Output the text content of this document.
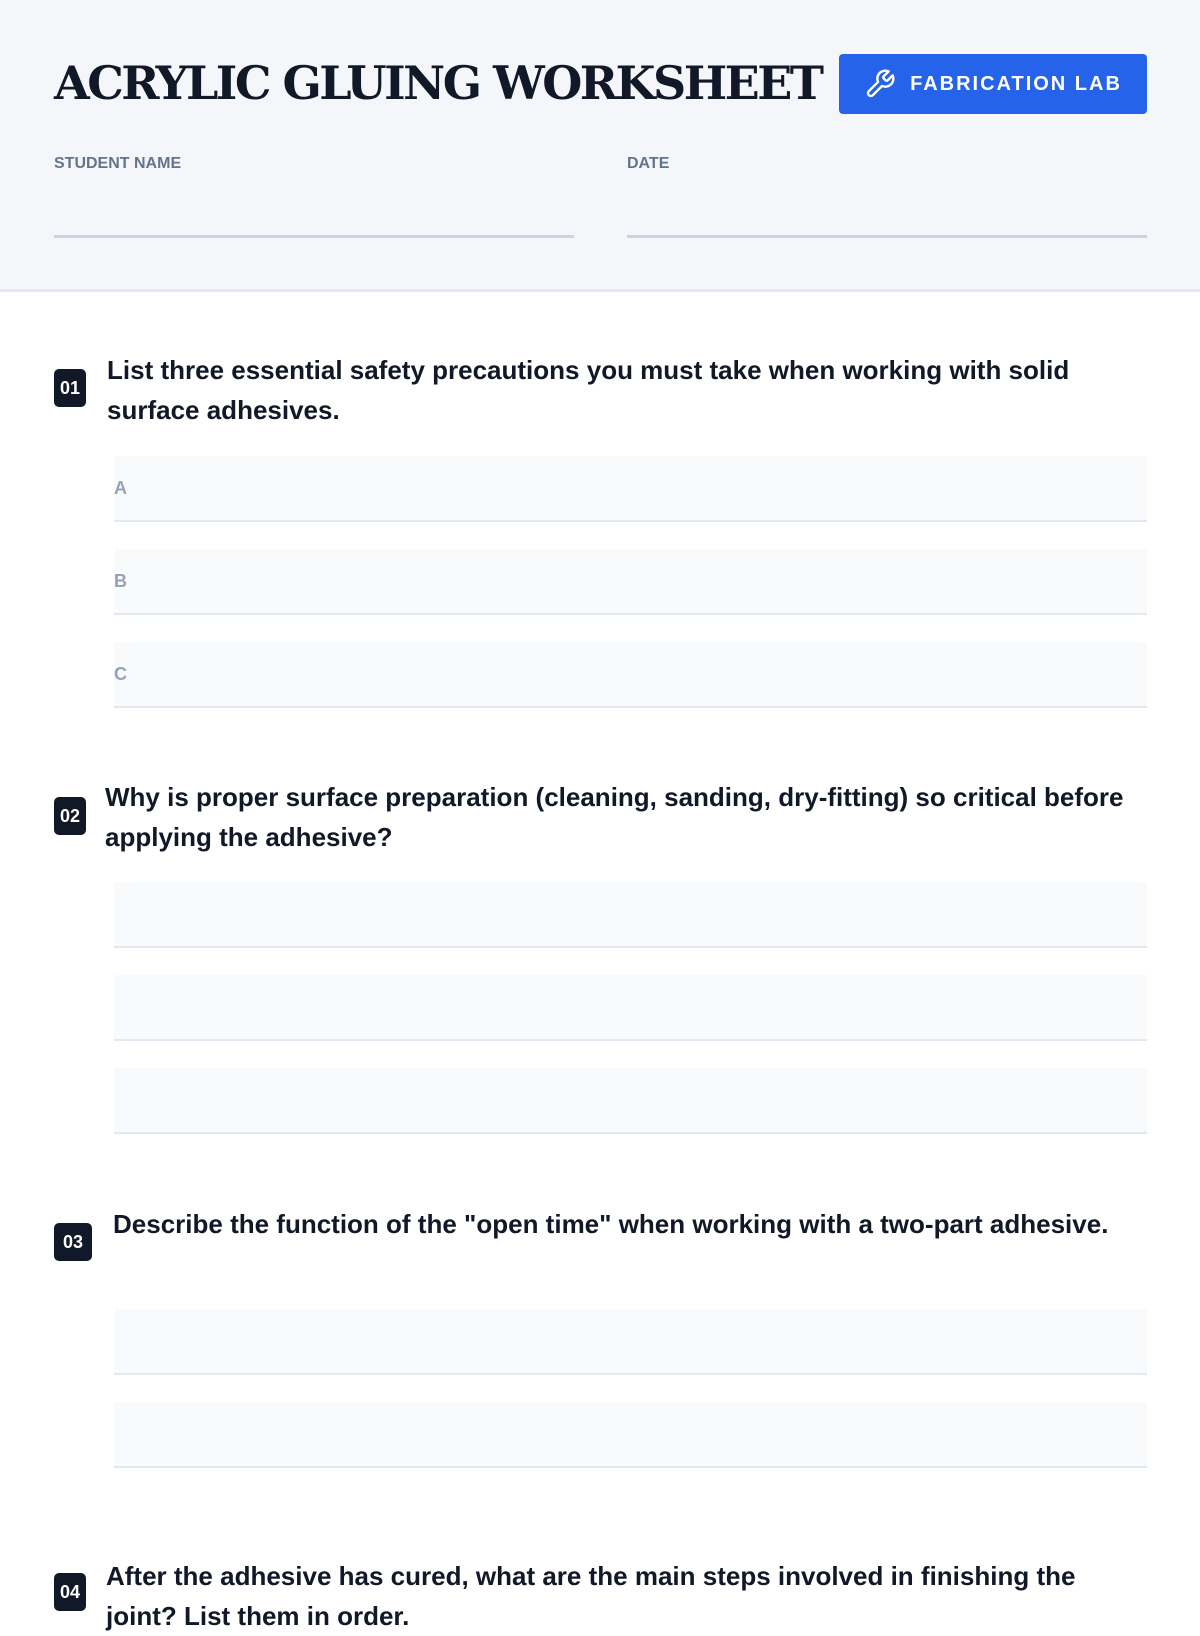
ACRYLIC GLUING WORKSHEET	FABRICATION LAB
STUDENT NAME	DATE
01
List three essential safety precautions you must take when working with solid surface adhesives.
A
B
C
02
Why is proper surface preparation (cleaning, sanding, dry-fitting) so critical before applying the adhesive?
03
Describe the function of the "open time" when working with a two-part adhesive.
04
After the adhesive has cured, what are the main steps involved in finishing the joint? List them in order.
